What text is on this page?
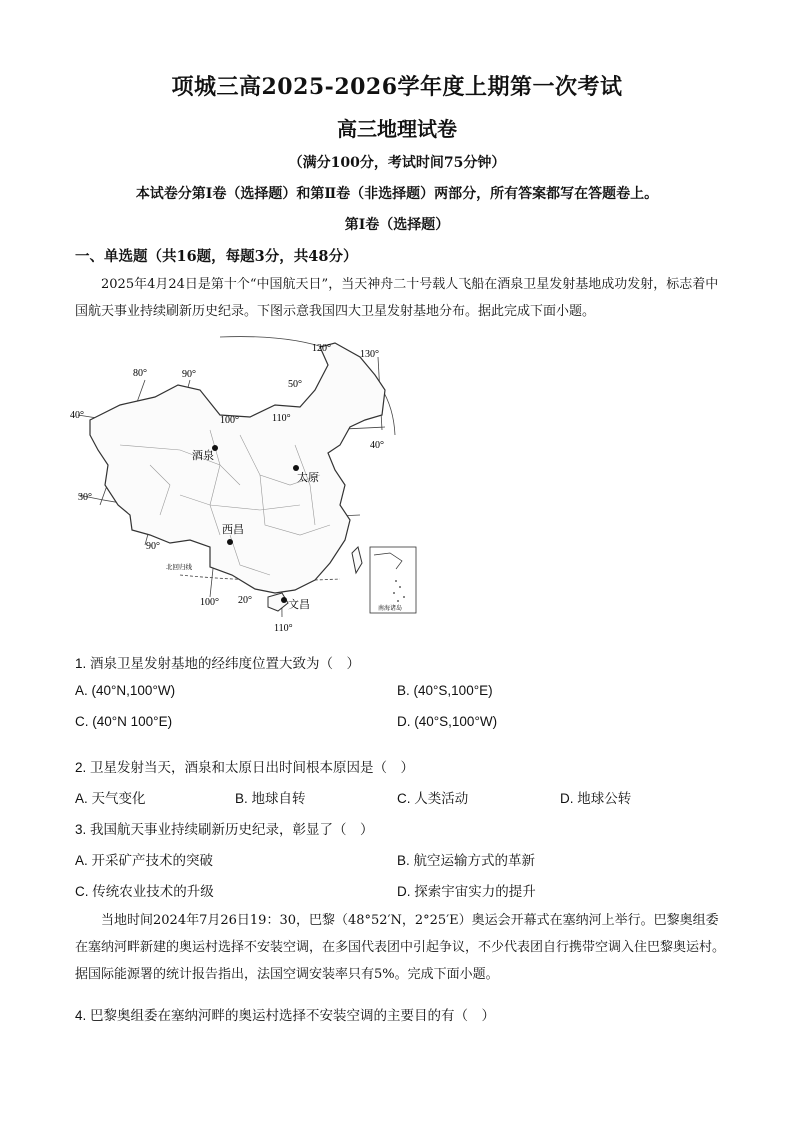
项城三高2025-2026学年度上期第一次考试
高三地理试卷
（满分100分，考试时间75分钟）
本试卷分第Ⅰ卷（选择题）和第Ⅱ卷（非选择题）两部分，所有答案都写在答题卷上。
第Ⅰ卷（选择题）
一、单选题（共16题，每题3分，共48分）
2025年4月24日是第十个“中国航天日”，当天神舟二十号载人飞船在酒泉卫星发射基地成功发射，标志着中国航天事业持续刷新历史纪录。下图示意我国四大卫星发射基地分布。据此完成下面小题。
南海诸岛
80°	90°
100°	110°
120°
130°
90°
100°
110°
40°
30°
50°
40°
20°
北回归线
酒泉
太原
西昌
文昌
1. 酒泉卫星发射基地的经纬度位置大致为（　）
A. (40°N,100°W)	B. (40°S,100°E)
C. (40°N 100°E)	D. (40°S,100°W)
2. 卫星发射当天，酒泉和太原日出时间根本原因是（　）
A. 天气变化	B. 地球自转	C. 人类活动	D. 地球公转
3. 我国航天事业持续刷新历史纪录，彰显了（　）
A. 开采矿产技术的突破	B. 航空运输方式的革新
C. 传统农业技术的升级	D. 探索宇宙实力的提升
当地时间2024年7月26日19：30，巴黎（48°52′N，2°25′E）奥运会开幕式在塞纳河上举行。巴黎奥组委在塞纳河畔新建的奥运村选择不安装空调，在多国代表团中引起争议，不少代表团自行携带空调入住巴黎奥运村。据国际能源署的统计报告指出，法国空调安装率只有5%。完成下面小题。
4. 巴黎奥组委在塞纳河畔的奥运村选择不安装空调的主要目的有（　）
